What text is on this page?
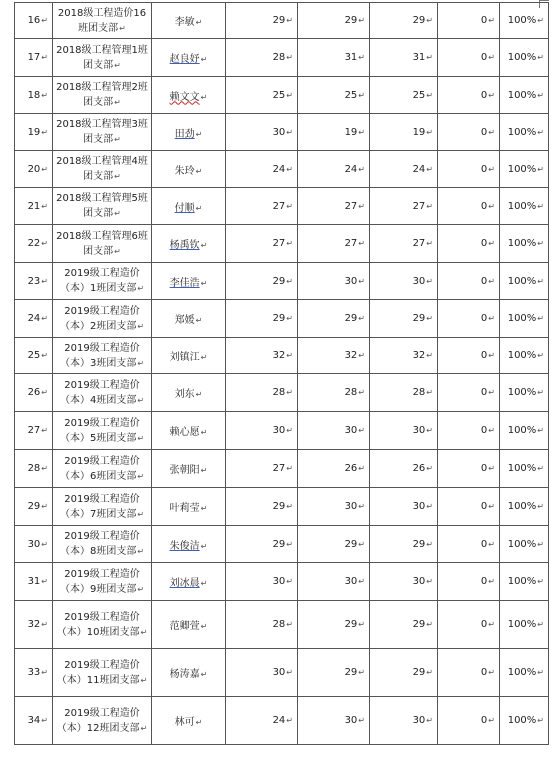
16↵	2018级工程造价16班团支部↵	李敏↵	29↵	29↵	29↵	0↵	100%↵
17↵	2018级工程管理1班团支部↵	赵良妤↵	28↵	31↵	31↵	0↵	100%↵
18↵	2018级工程管理2班团支部↵	赖文文↵	25↵	25↵	25↵	0↵	100%↵
19↵	2018级工程管理3班团支部↵	田劲↵	30↵	19↵	19↵	0↵	100%↵
20↵	2018级工程管理4班团支部↵	朱玲↵	24↵	24↵	24↵	0↵	100%↵
21↵	2018级工程管理5班团支部↵	付顺↵	27↵	27↵	27↵	0↵	100%↵
22↵	2018级工程管理6班团支部↵	杨禹钦↵	27↵	27↵	27↵	0↵	100%↵
23↵	2019级工程造价（本）1班团支部↵	李佳浩↵	29↵	30↵	30↵	0↵	100%↵
24↵	2019级工程造价（本）2班团支部↵	郑媛↵	29↵	29↵	29↵	0↵	100%↵
25↵	2019级工程造价（本）3班团支部↵	刘镇江↵	32↵	32↵	32↵	0↵	100%↵
26↵	2019级工程造价（本）4班团支部↵	刘东↵	28↵	28↵	28↵	0↵	100%↵
27↵	2019级工程造价（本）5班团支部↵	赖心愿↵	30↵	30↵	30↵	0↵	100%↵
28↵	2019级工程造价（本）6班团支部↵	张朝阳↵	27↵	26↵	26↵	0↵	100%↵
29↵	2019级工程造价（本）7班团支部↵	叶莉莹↵	29↵	30↵	30↵	0↵	100%↵
30↵	2019级工程造价（本）8班团支部↵	朱俊洁↵	29↵	29↵	29↵	0↵	100%↵
31↵	2019级工程造价（本）9班团支部↵	刘冰晨↵	30↵	30↵	30↵	0↵	100%↵
32↵	2019级工程造价（本）10班团支部↵	范卿萱↵	28↵	29↵	29↵	0↵	100%↵
33↵	2019级工程造价（本）11班团支部↵	杨涛嘉↵	30↵	29↵	29↵	0↵	100%↵
34↵	2019级工程造价（本）12班团支部↵	林可↵	24↵	30↵	30↵	0↵	100%↵
